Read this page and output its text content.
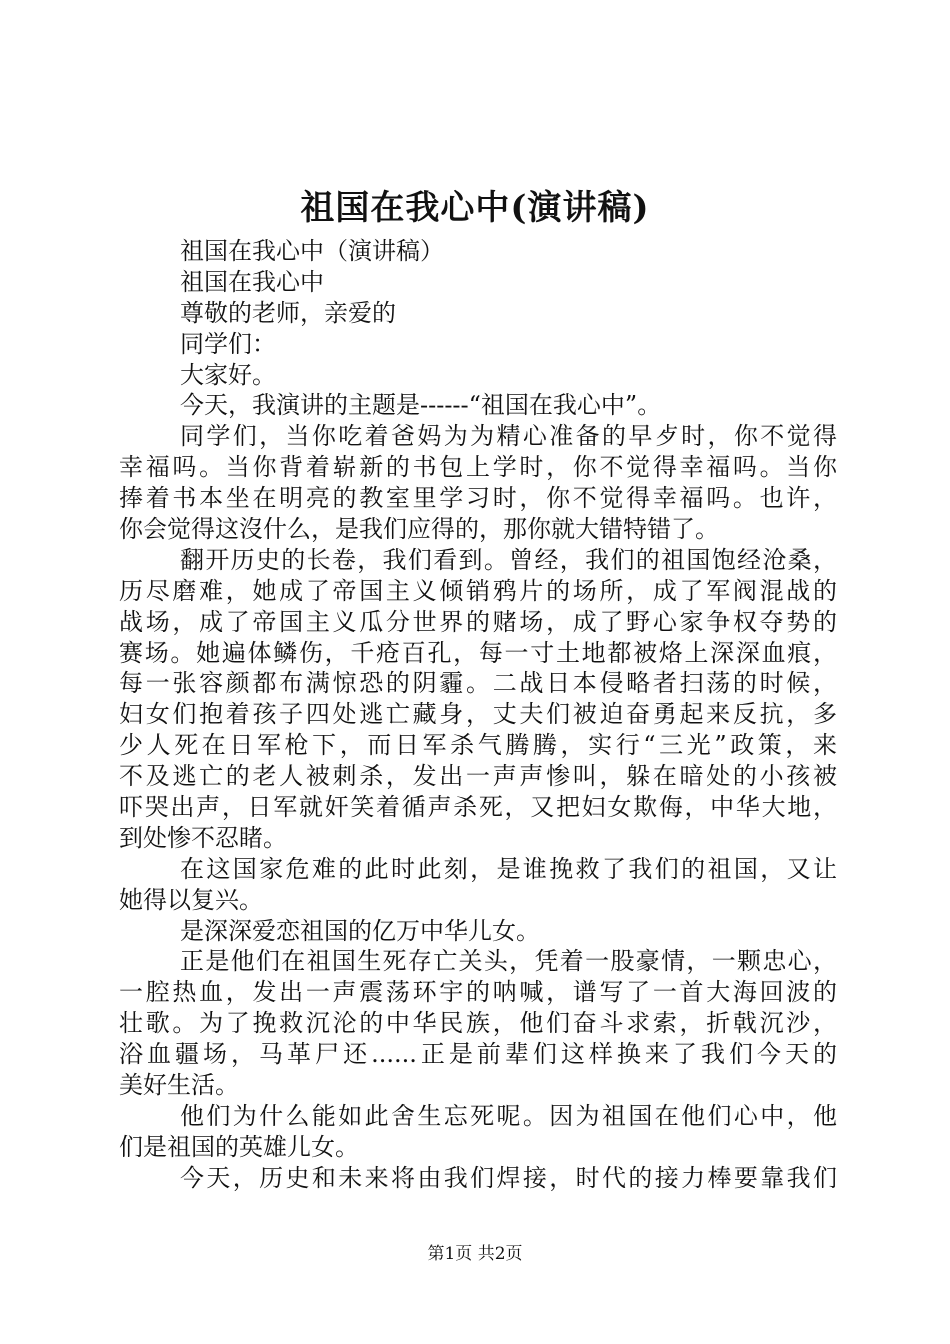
祖国在我心中(演讲稿)
祖国在我心中（演讲稿）
祖国在我心中
尊敬的老师，亲爱的
同学们：
大家好。
今天，我演讲的主题是------“祖国在我心中”。
同学们，当你吃着爸妈为为精心准备的早歺时，你不觉得
幸福吗。当你背着崭新的书包上学时，你不觉得幸福吗。当你
捧着书本坐在明亮的教室里学习时，你不觉得幸福吗。也许，
你会觉得这沒什么，是我们应得的，那你就大错特错了。
翻开历史的长卷，我们看到。曾经，我们的祖国饱经沧桑，
历尽磨难，她成了帝国主义倾销鸦片的场所，成了军阀混战的
战场，成了帝国主义瓜分世界的赌场，成了野心家争权夺势的
赛场。她遍体鳞伤，千疮百孔，每一寸土地都被烙上深深血痕，
每一张容颜都布满惊恐的阴霾。二战日本侵略者扫荡的时候，
妇女们抱着孩子四处逃亡藏身，丈夫们被迫奋勇起来反抗，多
少人死在日军枪下，而日军杀气腾腾，实行“三光”政策，来
不及逃亡的老人被刺杀，发出一声声惨叫，躲在暗处的小孩被
吓哭出声，日军就奸笑着循声杀死，又把妇女欺侮，中华大地，
到处惨不忍睹。
在这国家危难的此时此刻，是谁挽救了我们的祖国，又让
她得以复兴。
是深深爱恋祖国的亿万中华儿女。
正是他们在祖国生死存亡关头，凭着一股豪情，一颗忠心，
一腔热血，发出一声震荡环宇的呐喊，谱写了一首大海回波的
壮歌。为了挽救沉沦的中华民族，他们奋斗求索，折戟沉沙，
浴血疆场，马革尸还......正是前辈们这样换来了我们今天的
美好生活。
他们为什么能如此舍生忘死呢。因为祖国在他们心中，他
们是祖国的英雄儿女。
今天，历史和未来将由我们焊接，时代的接力棒要靠我们
第1页 共2页
